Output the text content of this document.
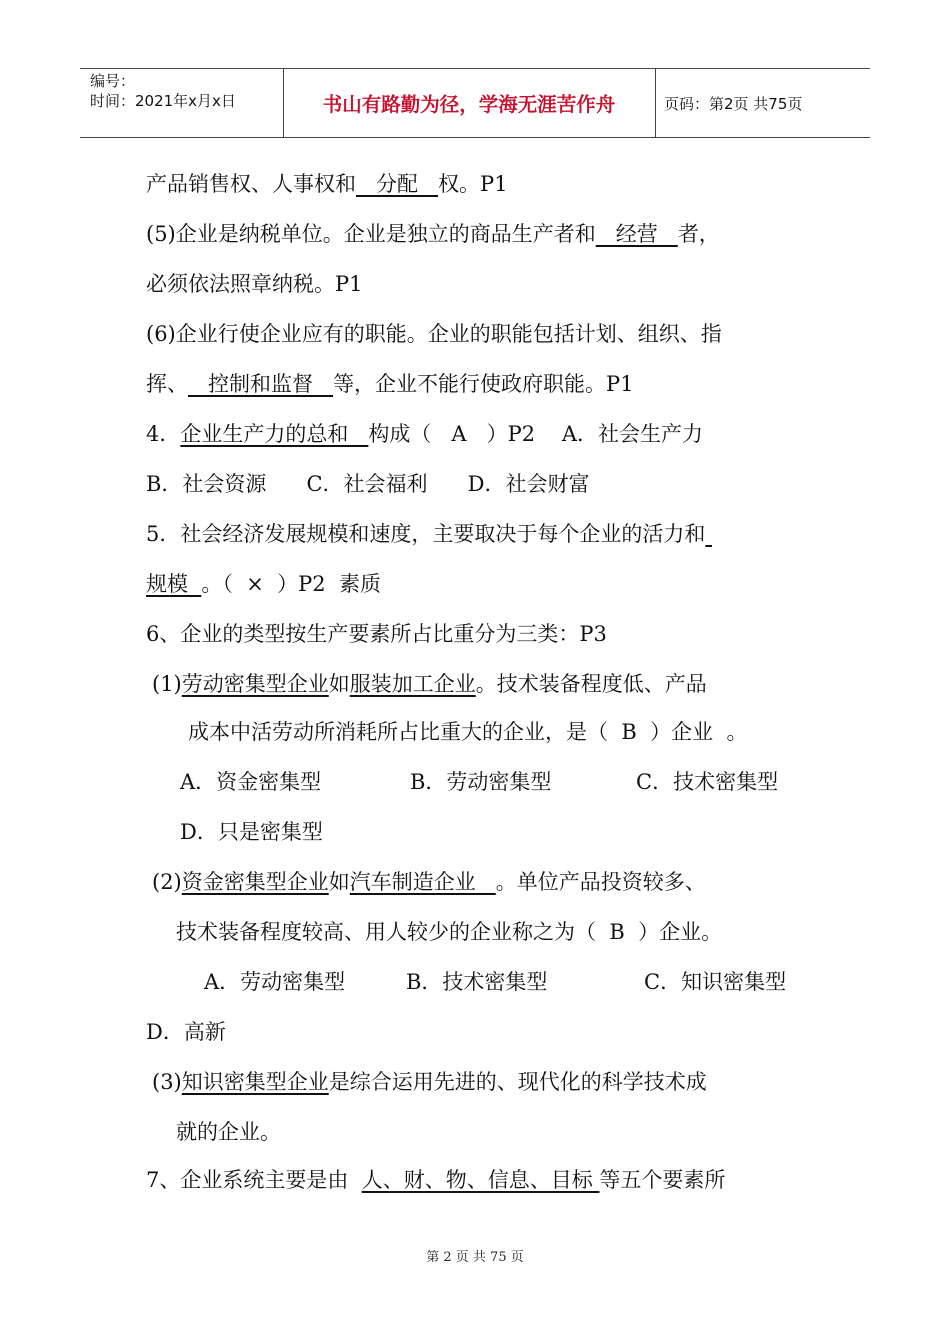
编号：
时间：2021年x月x日	书山有路勤为径，学海无涯苦作舟	页码：第2页 共75页
产品销售权、人事权和   分配   权。P1
(5)企业是纳税单位。企业是独立的商品生产者和   经营   者，
必须依法照章纳税。P1
(6)企业行使企业应有的职能。企业的职能包括计划、组织、指
挥、   控制和监督   等，企业不能行使政府职能。P1
4．企业生产力的总和   构成（   A   ）P2    A．社会生产力
B．社会资源      C．社会福利      D．社会财富
5．社会经济发展规模和速度，主要取决于每个企业的活力和
规模  。（  ×  ）P2  素质
6、企业的类型按生产要素所占比重分为三类：P3
(1)劳动密集型企业如服装加工企业。技术装备程度低、产品
成本中活劳动所消耗所占比重大的企业，是（  B  ）企业  。
A．资金密集型	B．劳动密集型	C．技术密集型
D．只是密集型
(2)资金密集型企业如汽车制造企业   。单位产品投资较多、
技术装备程度较高、用人较少的企业称之为（  B  ）企业。
A．劳动密集型	B．技术密集型	C．知识密集型
D．高新
(3)知识密集型企业是综合运用先进的、现代化的科学技术成
就的企业。
7、企业系统主要是由  人、财、物、信息、目标 等五个要素所
第 2 页 共 75 页
